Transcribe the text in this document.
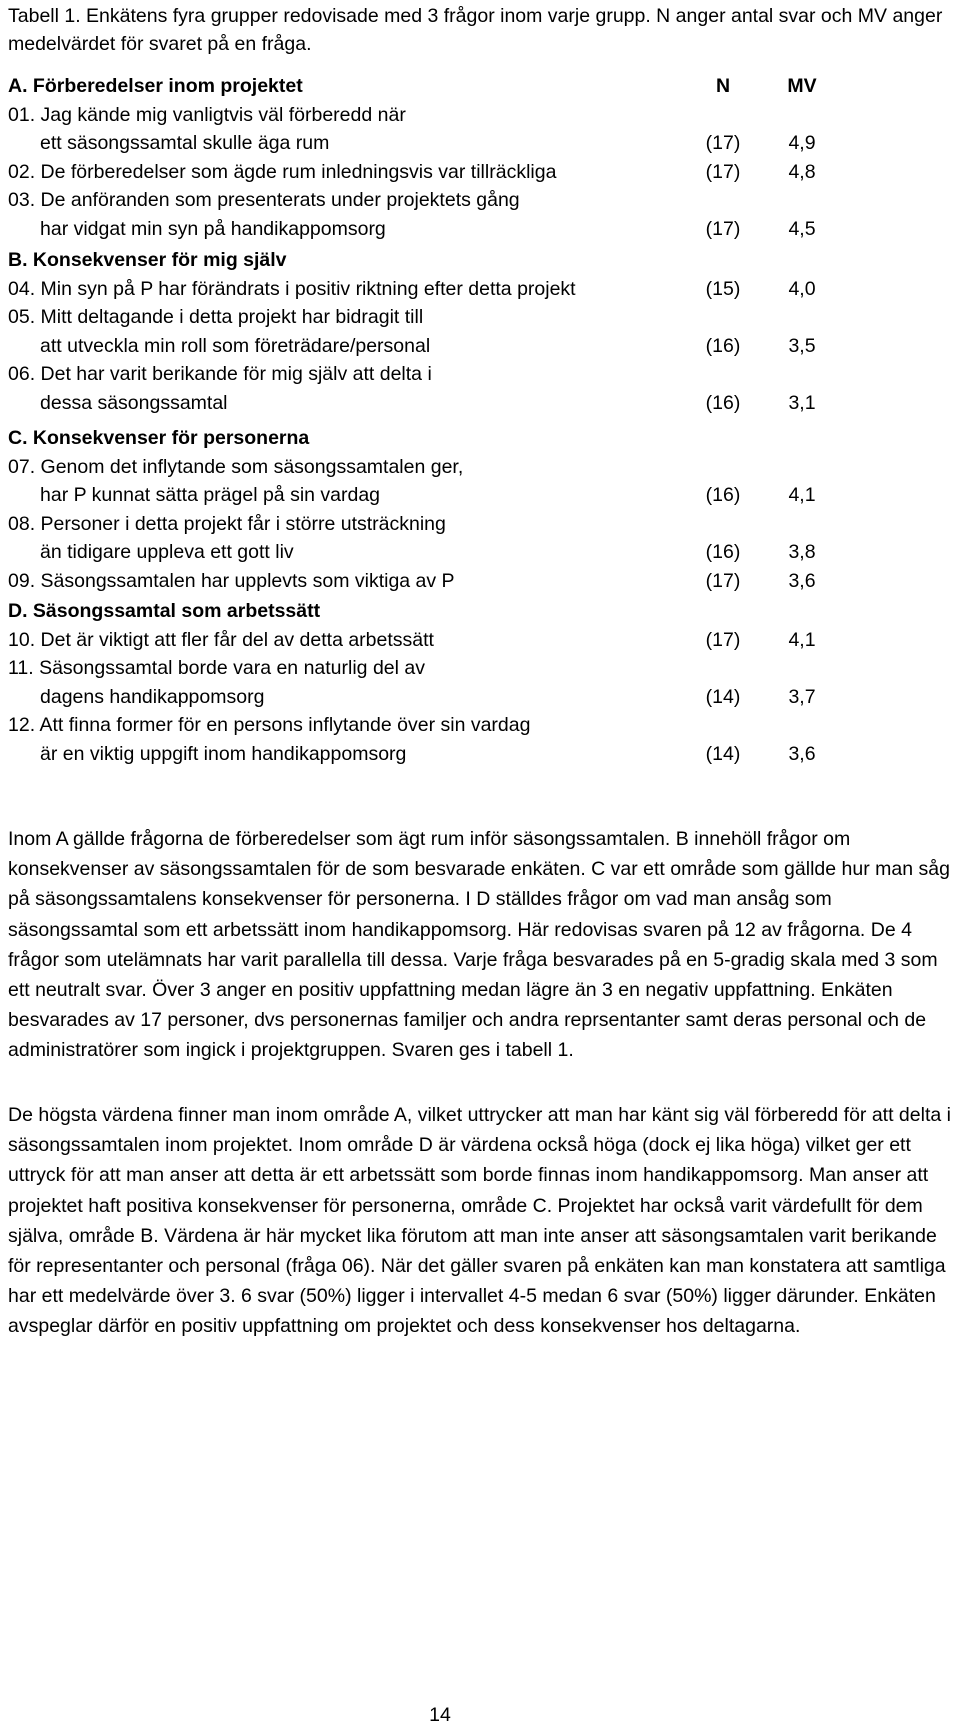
Tabell 1. Enkätens fyra grupper redovisade med 3 frågor inom varje grupp. N anger antal svar och MV anger medelvärdet för svaret på en fråga.
A. Förberedelser inom projektet	N	MV
01. Jag kände mig vanligtvis väl förberedd när
ett säsongssamtal skulle äga rum	(17)	4,9
02. De förberedelser som ägde rum inledningsvis var tillräckliga	(17)	4,8
03. De anföranden som presenterats under projektets gång
har vidgat min syn på handikappomsorg	(17)	4,5
B. Konsekvenser för mig själv
04. Min syn på P har förändrats i positiv riktning efter detta projekt	(15)	4,0
05. Mitt deltagande i detta projekt har bidragit till
att utveckla min roll som företrädare/personal	(16)	3,5
06. Det har varit berikande för mig själv att delta i
dessa säsongssamtal	(16)	3,1
C. Konsekvenser för personerna
07. Genom det inflytande som säsongssamtalen ger,
har P kunnat sätta prägel på sin vardag	(16)	4,1
08. Personer i detta projekt får i större utsträckning
än tidigare uppleva ett gott liv	(16)	3,8
09. Säsongssamtalen har upplevts som viktiga av P	(17)	3,6
D. Säsongssamtal som arbetssätt
10. Det är viktigt att fler får del av detta arbetssätt	(17)	4,1
11. Säsongssamtal borde vara en naturlig del av
dagens handikappomsorg	(14)	3,7
12. Att finna former för en persons inflytande över sin vardag
är en viktig uppgift inom handikappomsorg	(14)	3,6
Inom A gällde frågorna de förberedelser som ägt rum inför säsongssamtalen. B innehöll frågor om konsekvenser av säsongssamtalen för de som besvarade enkäten. C var ett område som gällde hur man såg på säsongssamtalens konsekvenser för personerna. I D ställdes frågor om vad man ansåg som säsongssamtal som ett arbetssätt inom handikappomsorg. Här redovisas svaren på 12 av frågorna. De 4 frågor som utelämnats har varit parallella till dessa. Varje fråga besvarades på en 5-gradig skala med 3 som ett neutralt svar. Över 3 anger en positiv uppfattning medan lägre än 3 en negativ uppfattning. Enkäten besvarades av 17 personer, dvs personernas familjer och andra reprsentanter samt deras personal och de administratörer som ingick i projektgruppen. Svaren ges i tabell 1.
De högsta värdena finner man inom område A, vilket uttrycker att man har känt sig väl förberedd för att delta i säsongssamtalen inom projektet. Inom område D är värdena också höga (dock ej lika höga) vilket ger ett uttryck för att man anser att detta är ett arbetssätt som borde finnas inom handikappomsorg. Man anser att projektet haft positiva konsekvenser för personerna, område C. Projektet har också varit värdefullt för dem själva, område B. Värdena är här mycket lika förutom att man inte anser att säsongsamtalen varit berikande för representanter och personal (fråga 06). När det gäller svaren på enkäten kan man konstatera att samtliga har ett medelvärde över 3. 6 svar (50%) ligger i intervallet 4-5 medan 6 svar (50%) ligger därunder. Enkäten avspeglar därför en positiv uppfattning om projektet och dess konsekvenser hos deltagarna.
14
